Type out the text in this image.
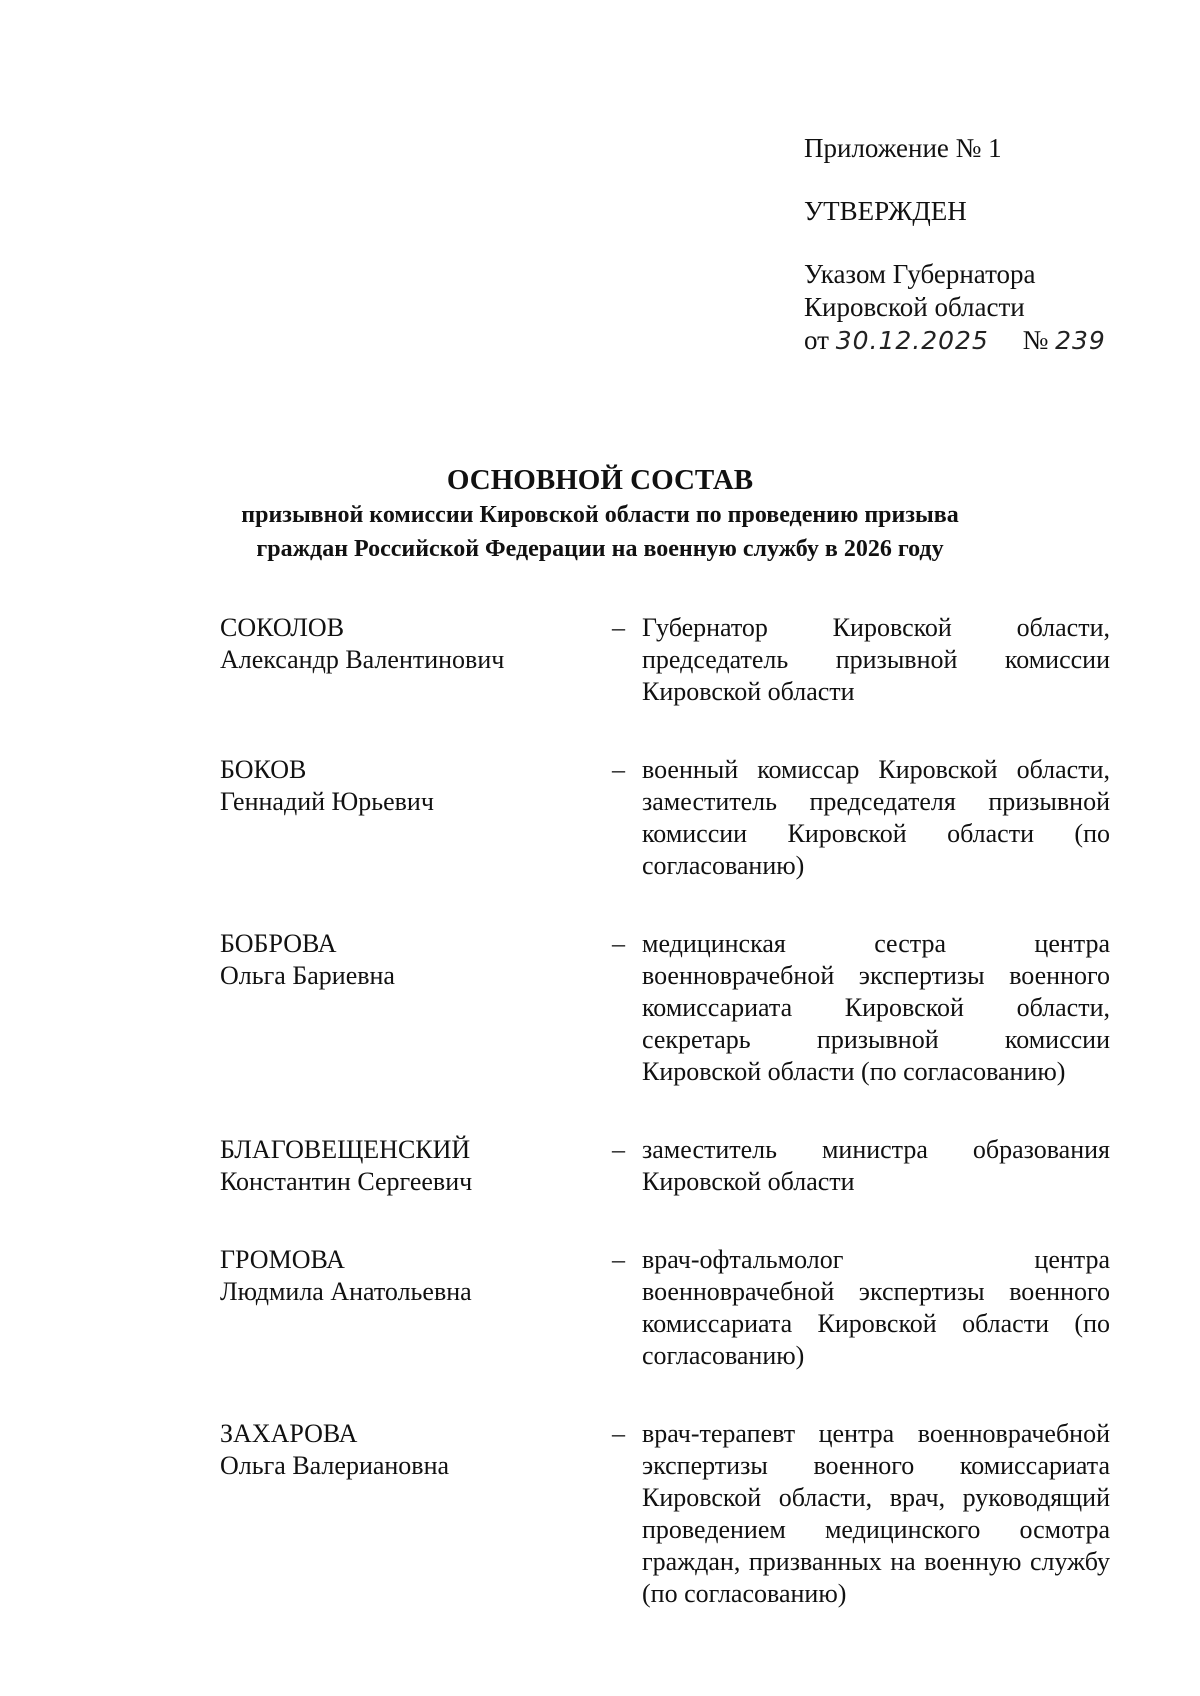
Приложение № 1
УТВЕРЖДЕН
Указом Губернатора
Кировской области
от 30.12.2025 № 239
ОСНОВНОЙ СОСТАВ
призывной комиссии Кировской области по проведению призыва
граждан Российской Федерации на военную службу в 2026 году
СОКОЛОВ
Александр Валентинович
– Губернатор Кировской области, председатель призывной комиссии Кировской области
БОКОВ
Геннадий Юрьевич
– военный комиссар Кировской области, заместитель председателя призывной комиссии Кировской области (по согласованию)
БОБРОВА
Ольга Бариевна
– медицинская сестра центра военноврачебной экспертизы военного комиссариата Кировской области, секретарь призывной комиссии Кировской области (по согласованию)
БЛАГОВЕЩЕНСКИЙ
Константин Сергеевич
– заместитель министра образования Кировской области
ГРОМОВА
Людмила Анатольевна
– врач-офтальмолог центра военноврачебной экспертизы военного комиссариата Кировской области (по согласованию)
ЗАХАРОВА
Ольга Валериановна
– врач-терапевт центра военноврачебной экспертизы военного комиссариата Кировской области, врач, руководящий проведением медицинского осмотра граждан, призванных на военную службу (по согласованию)
